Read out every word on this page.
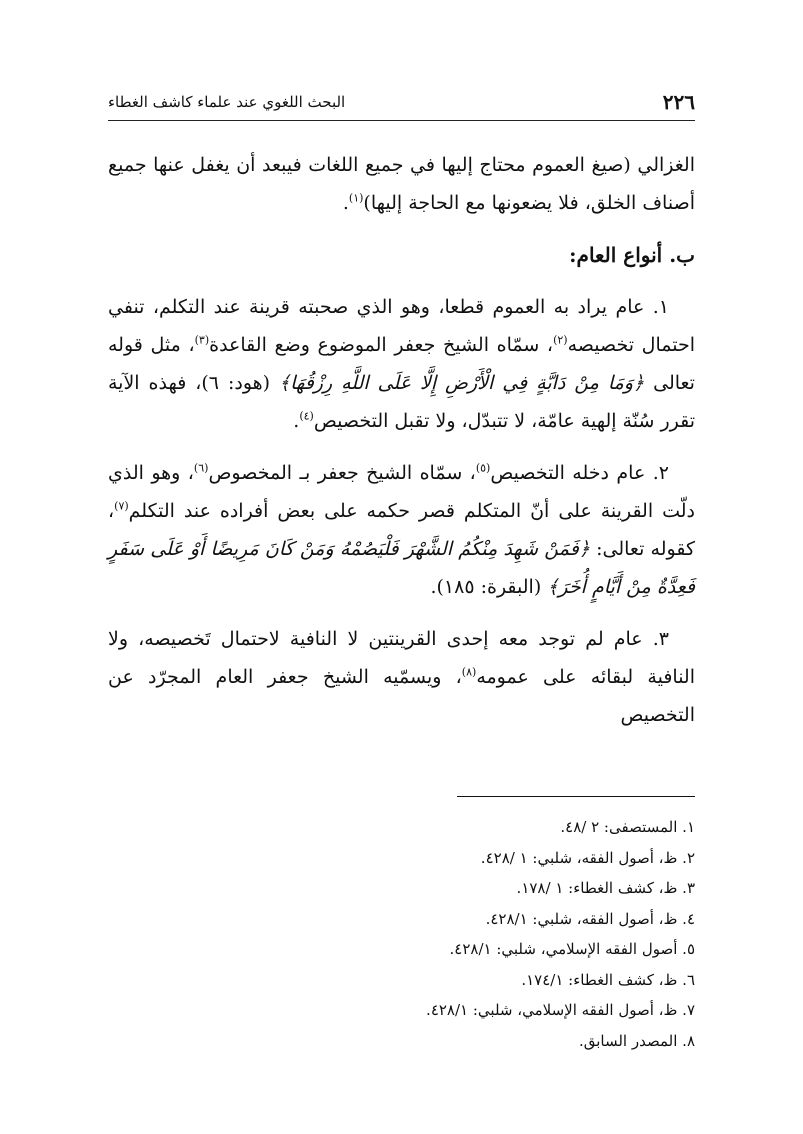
٢٢٦
البحث اللغوي عند علماء كاشف الغطاء

الغزالي (صيغ العموم محتاج إليها في جميع اللغات فيبعد أن يغفل عنها جميع أصناف الخلق، فلا يضعونها مع الحاجة إليها)$^{(١)}$.

ب. أنواع العام:

١. عام يراد به العموم قطعا، وهو الذي صحبته قرينة عند التكلم، تنفي احتمال تخصيصه$^{(٢)}$، سمّاه الشيخ جعفر الموضوع وضع القاعدة$^{(٣)}$، مثل قوله تعالى ﴿وَمَا مِنْ دَابَّةٍ فِي الْأَرْضِ إِلَّا عَلَى اللَّهِ رِزْقُهَا﴾ (هود: ٦)، فهذه الآية تقرر سُنّة إلهية عامّة، لا تتبدّل، ولا تقبل التخصيص$^{(٤)}$.

٢. عام دخله التخصيص$^{(٥)}$، سمّاه الشيخ جعفر بـ المخصوص$^{(٦)}$، وهو الذي دلّت القرينة على أنّ المتكلم قصر حكمه على بعض أفراده عند التكلم$^{(٧)}$، كقوله تعالى: ﴿فَمَنْ شَهِدَ مِنْكُمُ الشَّهْرَ فَلْيَصُمْهُ وَمَنْ كَانَ مَرِيضًا أَوْ عَلَى سَفَرٍ فَعِدَّةٌ مِنْ أَيَّامٍ أُخَرَ﴾ (البقرة: ١٨٥).

٣. عام لم توجد معه إحدى القرينتين لا النافية لاحتمال تَخصيصه، ولا النافية لبقائه على عمومه$^{(٨)}$، ويسمّيه الشيخ جعفر العام المجرّد عن التخصيص

١. المستصفى: ٢ /٤٨.

٢. ظ، أصول الفقه، شلبي: ١ /٤٢٨.

٣. ظ، كشف الغطاء: ١ /١٧٨.

٤. ظ، أصول الفقه، شلبي: ٤٢٨/١.

٥. أصول الفقه الإسلامي، شلبي: ٤٢٨/١.

٦. ظ، كشف الغطاء: ١٧٤/١.

٧. ظ، أصول الفقه الإسلامي، شلبي: ٤٢٨/١.

٨. المصدر السابق.
